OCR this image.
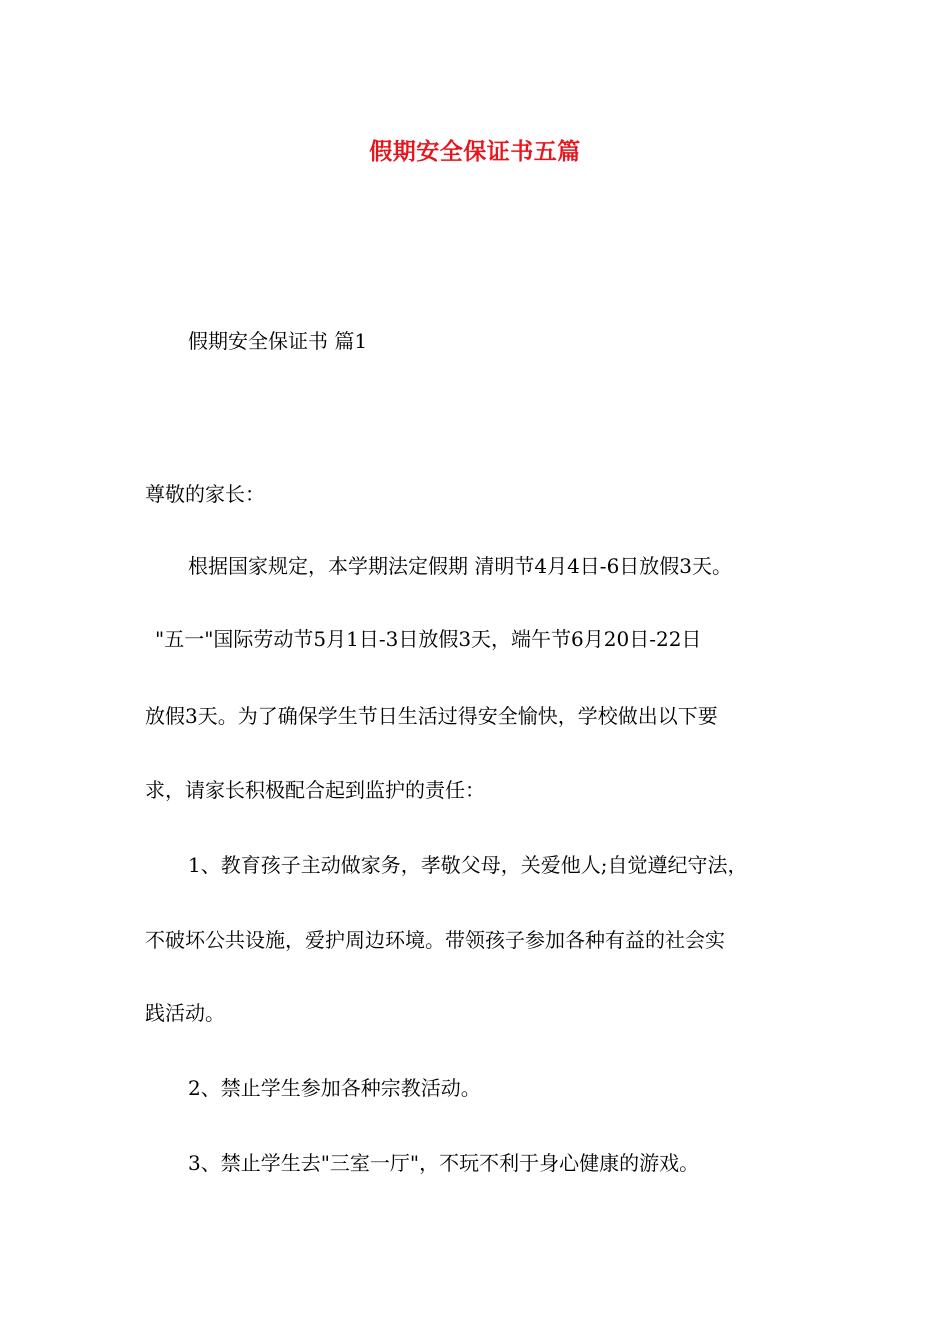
假期安全保证书五篇
假期安全保证书 篇1
尊敬的家长：
根据国家规定，本学期法定假期 清明节4月4日-6日放假3天。
"五一"国际劳动节5月1日-3日放假3天，端午节6月20日-22日
放假3天。为了确保学生节日生活过得安全愉快，学校做出以下要
求，请家长积极配合起到监护的责任：
1、教育孩子主动做家务，孝敬父母，关爱他人;自觉遵纪守法，
不破坏公共设施，爱护周边环境。带领孩子参加各种有益的社会实
践活动。
2、禁止学生参加各种宗教活动。
3、禁止学生去"三室一厅"，不玩不利于身心健康的游戏。
